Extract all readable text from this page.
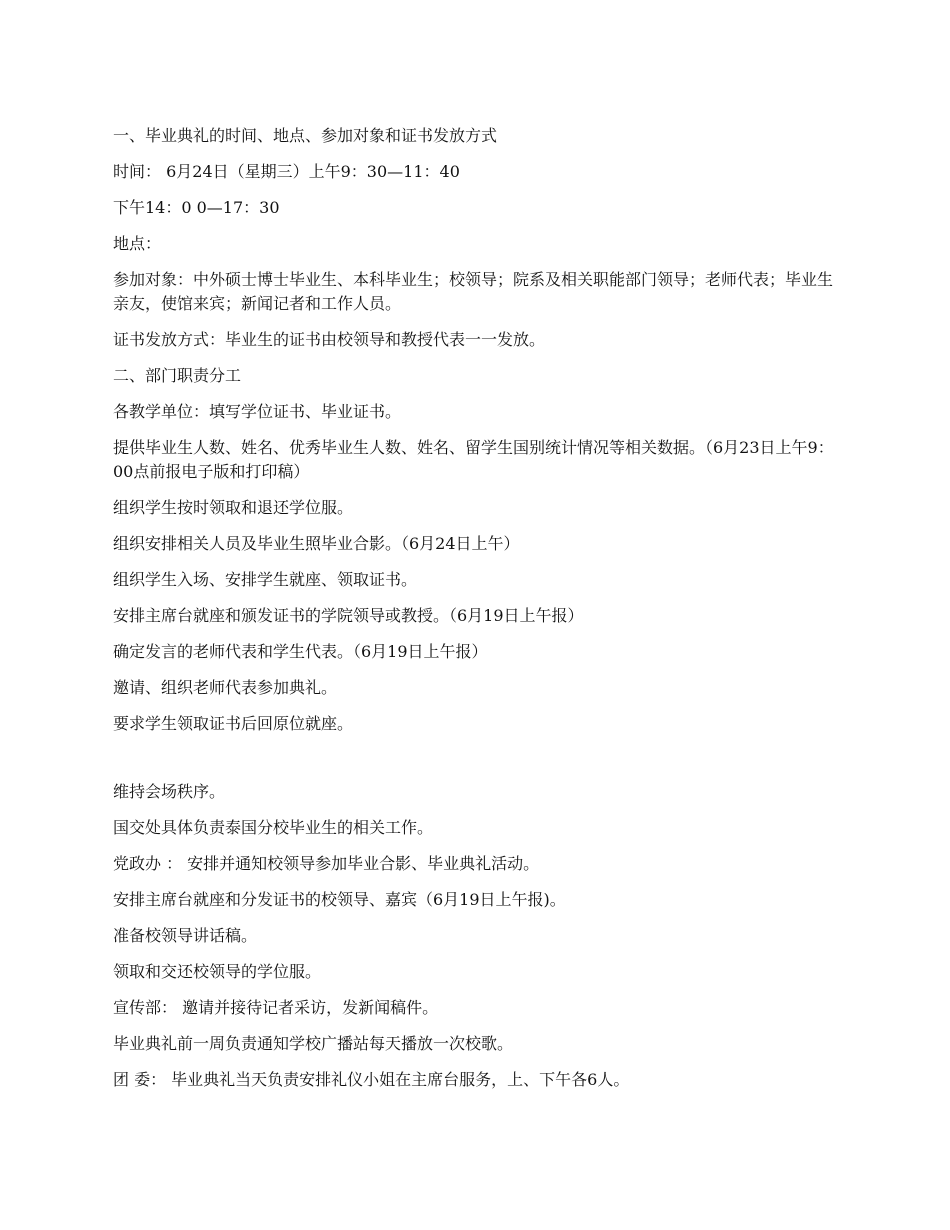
一、毕业典礼的时间、地点、参加对象和证书发放方式

时间： 6月24日（星期三）上午9：30—11：40

下午14：0 0—17：30

地点：

参加对象：中外硕士博士毕业生、本科毕业生；校领导；院系及相关职能部门领导；老师代表；毕业生亲友，使馆来宾；新闻记者和工作人员。

证书发放方式：毕业生的证书由校领导和教授代表一一发放。

二、部门职责分工

各教学单位：填写学位证书、毕业证书。

提供毕业生人数、姓名、优秀毕业生人数、姓名、留学生国别统计情况等相关数据。（6月23日上午9：00点前报电子版和打印稿）

组织学生按时领取和退还学位服。

组织安排相关人员及毕业生照毕业合影。（6月24日上午）

组织学生入场、安排学生就座、领取证书。

安排主席台就座和颁发证书的学院领导或教授。（6月19日上午报）

确定发言的老师代表和学生代表。（6月19日上午报）

邀请、组织老师代表参加典礼。

要求学生领取证书后回原位就座。

维持会场秩序。

国交处具体负责泰国分校毕业生的相关工作。

党政办 ： 安排并通知校领导参加毕业合影、毕业典礼活动。

安排主席台就座和分发证书的校领导、嘉宾（6月19日上午报)。

准备校领导讲话稿。

领取和交还校领导的学位服。

宣传部： 邀请并接待记者采访，发新闻稿件。

毕业典礼前一周负责通知学校广播站每天播放一次校歌。

团 委： 毕业典礼当天负责安排礼仪小姐在主席台服务，上、下午各6人。
